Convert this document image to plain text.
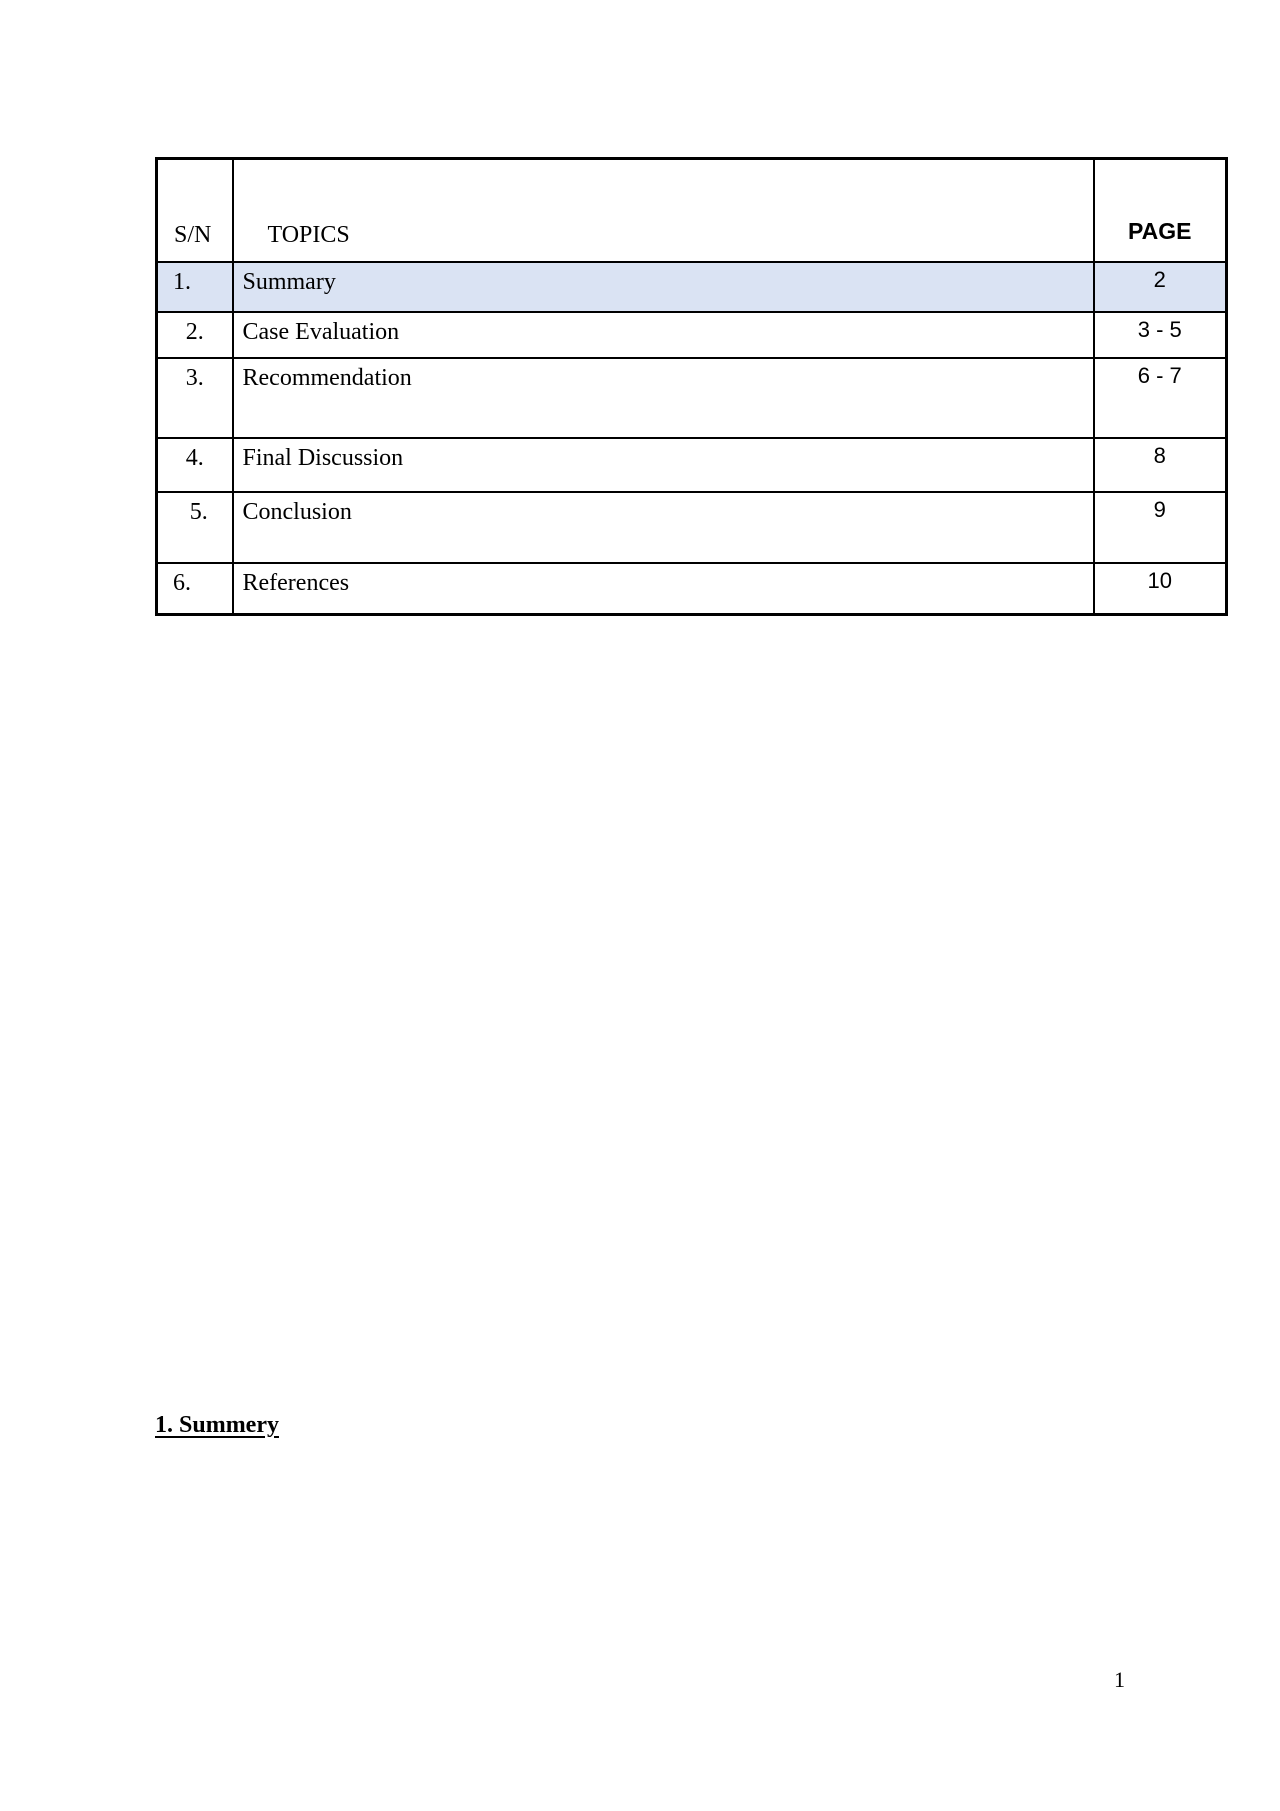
S/N	TOPICS	PAGE
1.	Summary	2
2.	Case Evaluation	3 - 5
3.	Recommendation	6 - 7
4.	Final Discussion	8
5.	Conclusion	9
6.	References	10
1. Summery
1
